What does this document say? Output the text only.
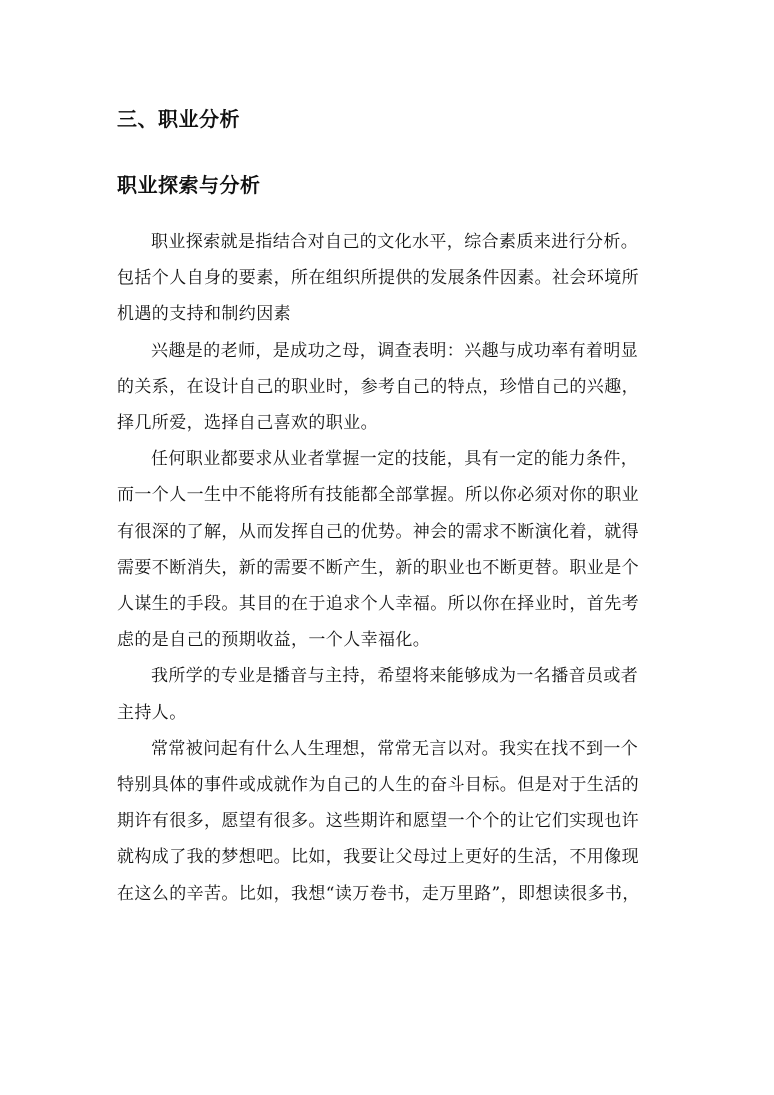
三、职业分析
职业探索与分析

职业探索就是指结合对自己的文化水平，综合素质来进行分析。
包括个人自身的要素，所在组织所提供的发展条件因素。社会环境所
机遇的支持和制约因素

兴趣是的老师，是成功之母，调查表明：兴趣与成功率有着明显
的关系，在设计自己的职业时，参考自己的特点，珍惜自己的兴趣，
择几所爱，选择自己喜欢的职业。

任何职业都要求从业者掌握一定的技能，具有一定的能力条件，
而一个人一生中不能将所有技能都全部掌握。所以你必须对你的职业
有很深的了解，从而发挥自己的优势。神会的需求不断演化着，就得
需要不断消失，新的需要不断产生，新的职业也不断更替。职业是个
人谋生的手段。其目的在于追求个人幸福。所以你在择业时，首先考
虑的是自己的预期收益，一个人幸福化。

我所学的专业是播音与主持，希望将来能够成为一名播音员或者
主持人。

常常被问起有什么人生理想，常常无言以对。我实在找不到一个
特别具体的事件或成就作为自己的人生的奋斗目标。但是对于生活的
期许有很多，愿望有很多。这些期许和愿望一个个的让它们实现也许
就构成了我的梦想吧。比如，我要让父母过上更好的生活，不用像现
在这么的辛苦。比如，我想“读万卷书，走万里路”，即想读很多书，
